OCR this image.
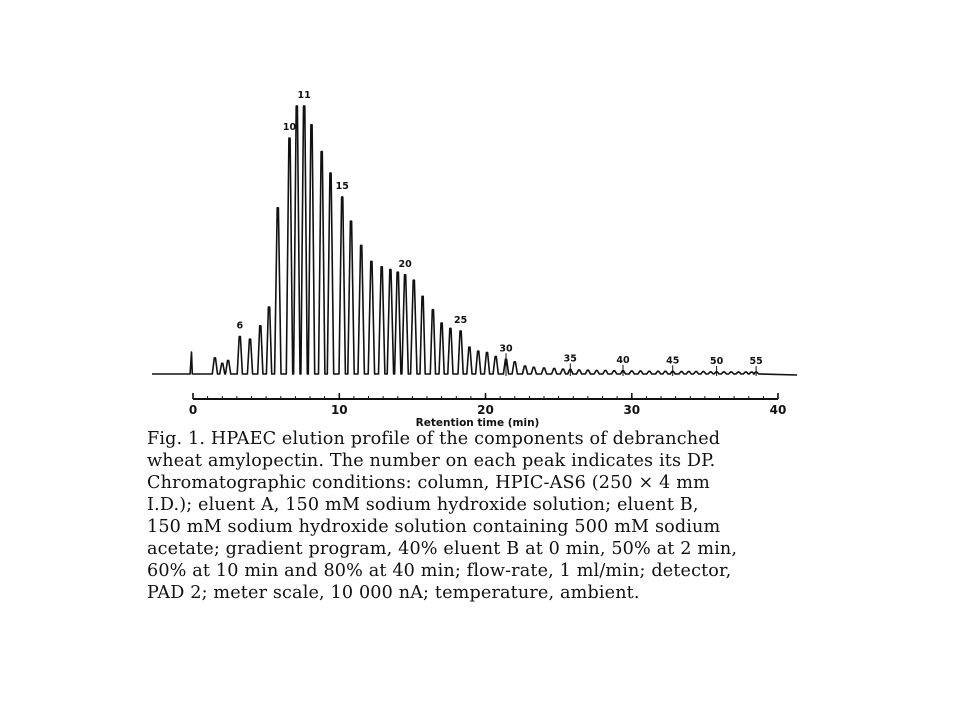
6
10
11
15
20
25
30
35	40	45	50	55
0	10	20	30	40
Retention time (min)
Fig. 1. HPAEC elution profile of the components of debranched
wheat amylopectin. The number on each peak indicates its DP.
Chromatographic conditions: column, HPIC-AS6 (250 × 4 mm
I.D.); eluent A, 150 mM sodium hydroxide solution; eluent B,
150 mM sodium hydroxide solution containing 500 mM sodium
acetate; gradient program, 40% eluent B at 0 min, 50% at 2 min,
60% at 10 min and 80% at 40 min; flow-rate, 1 ml/min; detector,
PAD 2; meter scale, 10 000 nA; temperature, ambient.
